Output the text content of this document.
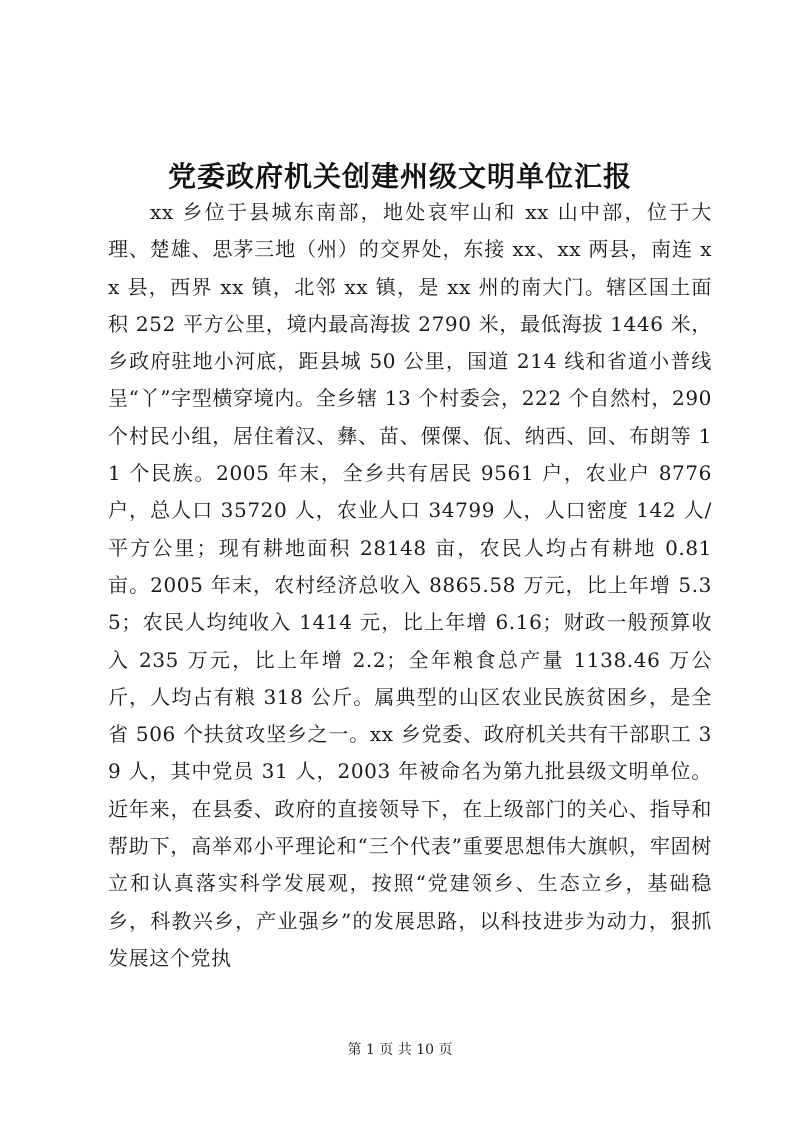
党委政府机关创建州级文明单位汇报

xx 乡位于县城东南部，地处哀牢山和 xx 山中部，位于大理、楚雄、思茅三地（州）的交界处，东接 xx、xx 两县，南连 xx 县，西界 xx 镇，北邻 xx 镇，是 xx 州的南大门。辖区国土面积 252 平方公里，境内最高海拔 2790 米，最低海拔 1446 米，乡政府驻地小河底，距县城 50 公里，国道 214 线和省道小普线呈“丫”字型横穿境内。全乡辖 13 个村委会，222 个自然村，290 个村民小组，居住着汉、彝、苗、傈僳、佤、纳西、回、布朗等 11 个民族。2005 年末，全乡共有居民 9561 户，农业户 8776 户，总人口 35720 人，农业人口 34799 人，人口密度 142 人/平方公里；现有耕地面积 28148 亩，农民人均占有耕地 0.81 亩。2005 年末，农村经济总收入 8865.58 万元，比上年增 5.35；农民人均纯收入 1414 元，比上年增 6.16；财政一般预算收入 235 万元，比上年增 2.2；全年粮食总产量 1138.46 万公斤，人均占有粮 318 公斤。属典型的山区农业民族贫困乡，是全省 506 个扶贫攻坚乡之一。xx 乡党委、政府机关共有干部职工 39 人，其中党员 31 人，2003 年被命名为第九批县级文明单位。近年来，在县委、政府的直接领导下，在上级部门的关心、指导和帮助下，高举邓小平理论和“三个代表”重要思想伟大旗帜，牢固树立和认真落实科学发展观，按照“党建领乡、生态立乡，基础稳乡，科教兴乡，产业强乡”的发展思路，以科技进步为动力，狠抓发展这个党执

第 1 页 共 10 页
